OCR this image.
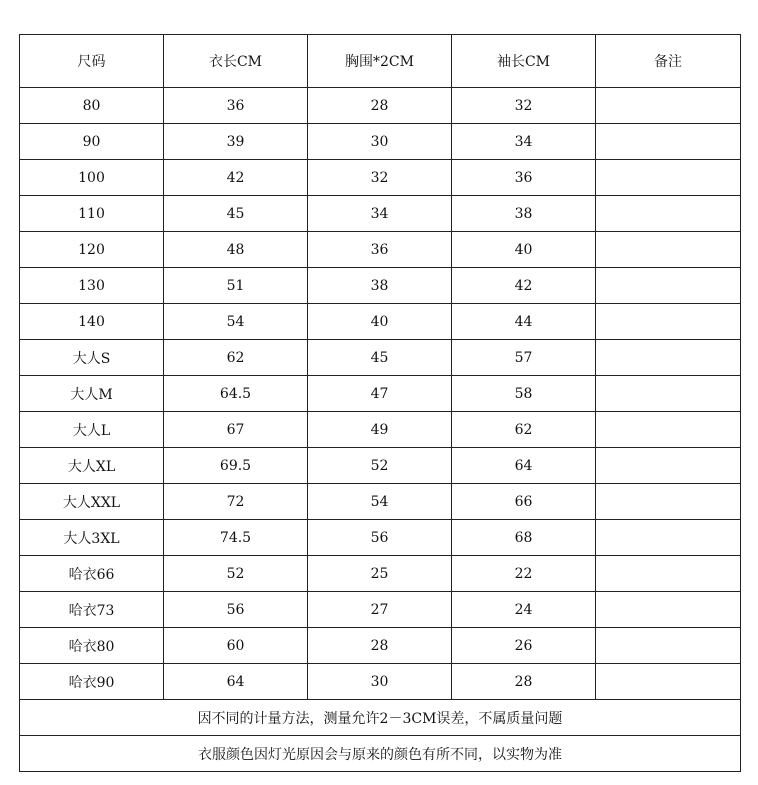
尺码	衣长CM	胸围*2CM	袖长CM	备注
80	36	28	32	
90	39	30	34	
100	42	32	36	
110	45	34	38	
120	48	36	40	
130	51	38	42	
140	54	40	44	
大人S	62	45	57	
大人M	64.5	47	58	
大人L	67	49	62	
大人XL	69.5	52	64	
大人XXL	72	54	66	
大人3XL	74.5	56	68	
哈衣66	52	25	22	
哈衣73	56	27	24	
哈衣80	60	28	26	
哈衣90	64	30	28	
因不同的计量方法，测量允许2－3CM误差，不属质量问题				
衣服颜色因灯光原因会与原来的颜色有所不同，以实物为准				
